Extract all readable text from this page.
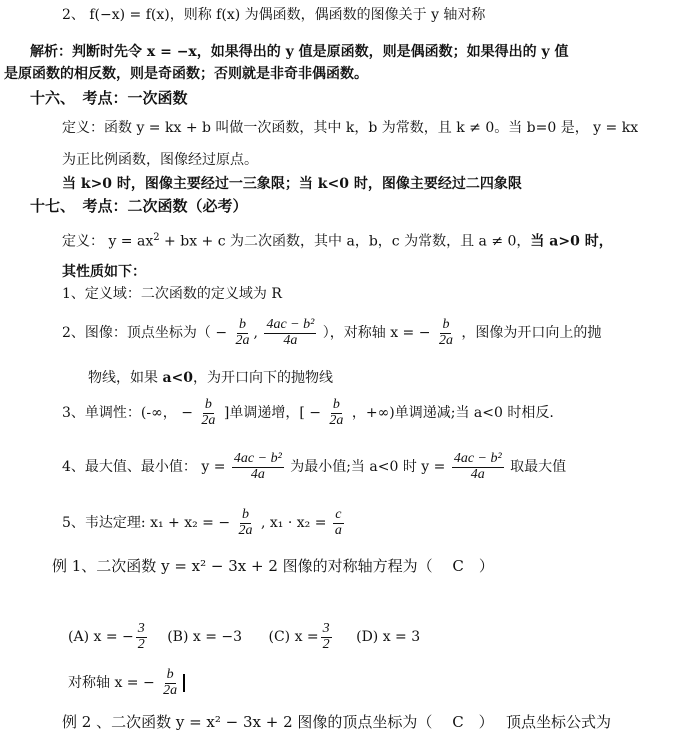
2、 f(−x) = f(x)，则称 f(x) 为偶函数，偶函数的图像关于 y 轴对称
解析：判断时先令 x = −x，如果得出的 y 值是原函数，则是偶函数；如果得出的 y 值
是原函数的相反数，则是奇函数；否则就是非奇非偶函数。
十六、　考点：一次函数
定义：函数 y = kx + b 叫做一次函数，其中 k，b 为常数，且 k ≠ 0。当 b=0 是， y = kx
为正比例函数，图像经过原点。
当 k>0 时，图像主要经过一三象限；当 k<0 时，图像主要经过二四象限
十七、　考点：二次函数（必考）
定义： $y = ax^2$ + bx + c 为二次函数，其中 a，b，c 为常数，且 a ≠ 0，当 a>0 时，
其性质如下：
1、定义域：二次函数的定义域为 R
2、图像：顶点坐标为（ − $\frac{b}{2a}$ , $\frac{\text{4ac − b²}}{4a}$ ），对称轴 x = − $\frac{b}{2a}$ ，图像为开口向上的抛
物线，如果 a<0，为开口向下的抛物线
3、单调性：(-∞， − $\frac{b}{2a}$ ]单调递增，[ − $\frac{b}{2a}$ ，+∞)单调递减;当 a<0 时相反.
4、最大值、最小值： $y = \frac{\text{4ac − b²}}{4a}$ 为最小值;当 a<0 时 $y = \frac{\text{4ac − b²}}{4a}$ 取最大值
5、韦达定理: x₁ + x₂ = − $\frac{b}{2a}$ , $x_1 \cdot x_2 = \frac{c}{a}$
例 1、二次函数 y = x² − 3x + 2 图像的对称轴方程为（　 C　）
(A) x = − $\frac{3}{2} (B) x = -3$ (C) $x = \frac{3}{2} (D) x = 3$
对称轴 x = − $\frac{b}{2a}$
例 2 、二次函数 y = x² − 3x + 2 图像的顶点坐标为（　 C　）　 顶点坐标公式为
